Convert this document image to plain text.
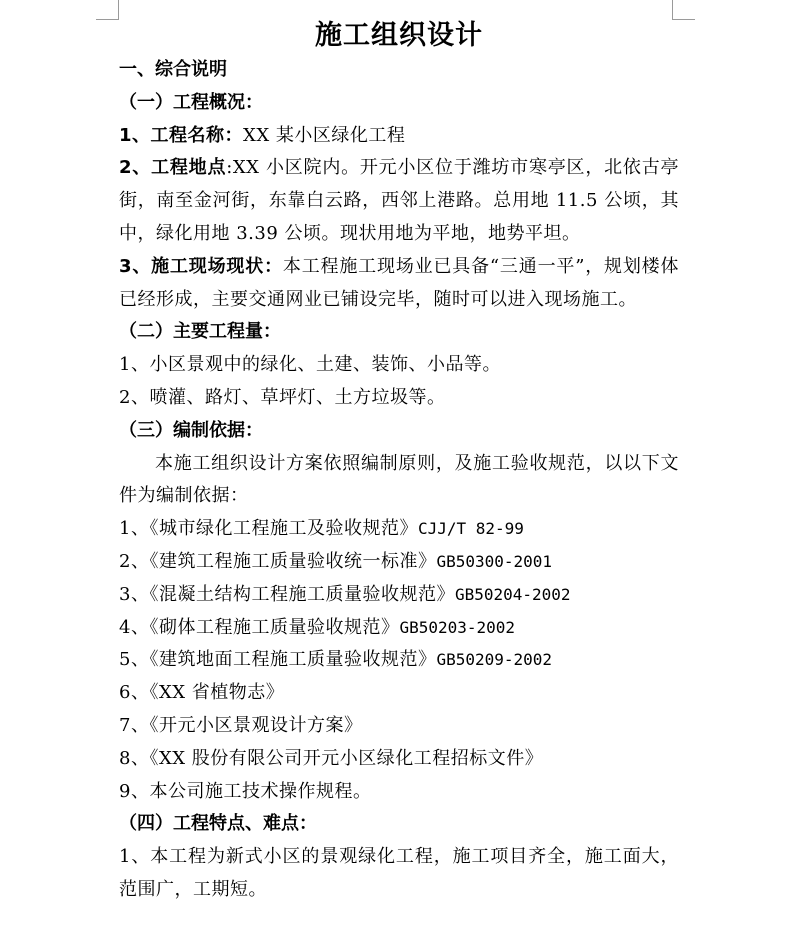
施工组织设计
一、综合说明
（一）工程概况：
1、工程名称：XX 某小区绿化工程
2、工程地点:XX 小区院内。开元小区位于潍坊市寒亭区，北依古亭街，南至金河街，东靠白云路，西邻上港路。总用地 11.5 公顷，其中，绿化用地 3.39 公顷。现状用地为平地，地势平坦。
3、施工现场现状：本工程施工现场业已具备“三通一平”，规划楼体已经形成，主要交通网业已铺设完毕，随时可以进入现场施工。
（二）主要工程量：
1、小区景观中的绿化、土建、装饰、小品等。
2、喷灌、路灯、草坪灯、土方垃圾等。
（三）编制依据：
本施工组织设计方案依照编制原则，及施工验收规范，以以下文件为编制依据：
1、《城市绿化工程施工及验收规范》CJJ/T 82-99
2、《建筑工程施工质量验收统一标准》GB50300-2001
3、《混凝土结构工程施工质量验收规范》GB50204-2002
4、《砌体工程施工质量验收规范》GB50203-2002
5、《建筑地面工程施工质量验收规范》GB50209-2002
6、《XX 省植物志》
7、《开元小区景观设计方案》
8、《XX 股份有限公司开元小区绿化工程招标文件》
9、本公司施工技术操作规程。
（四）工程特点、难点：
1、本工程为新式小区的景观绿化工程，施工项目齐全，施工面大，范围广，工期短。
